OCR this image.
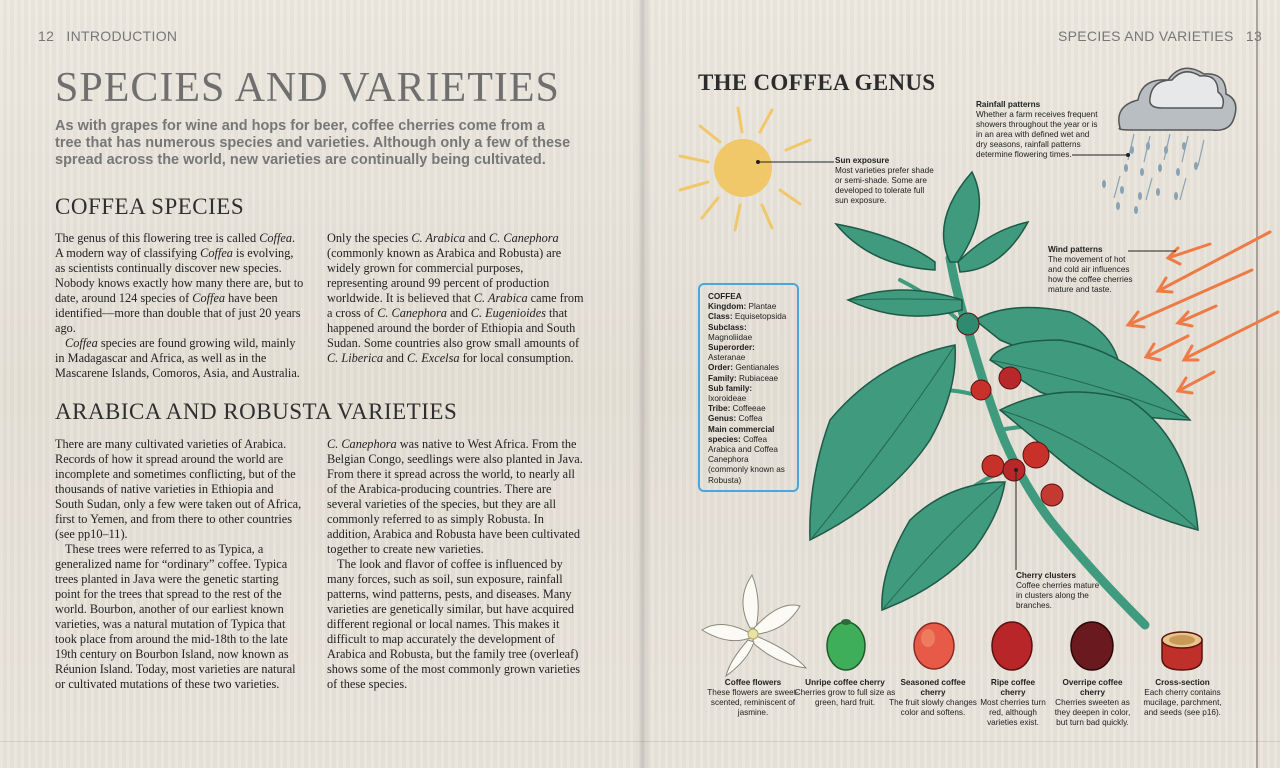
12 INTRODUCTION
SPECIES AND VARIETIES
As with grapes for wine and hops for beer, coffee cherries come from a tree that has numerous species and varieties. Although only a few of these spread across the world, new varieties are continually being cultivated.
COFFEA SPECIES

The genus of this flowering tree is called Coffea. A modern way of classifying Coffea is evolving, as scientists continually discover new species. Nobody knows exactly how many there are, but to date, around 124 species of Coffea have been identified—more than double that of just 20 years ago.

Coffea species are found growing wild, mainly in Madagascar and Africa, as well as in the Mascarene Islands, Comoros, Asia, and Australia.

Only the species C. Arabica and C. Canephora (commonly known as Arabica and Robusta) are widely grown for commercial purposes, representing around 99 percent of production worldwide. It is believed that C. Arabica came from a cross of C. Canephora and C. Eugenioides that happened around the border of Ethiopia and South Sudan. Some countries also grow small amounts of C. Liberica and C. Excelsa for local consumption.

ARABICA AND ROBUSTA VARIETIES

There are many cultivated varieties of Arabica. Records of how it spread around the world are incomplete and sometimes conflicting, but of the thousands of native varieties in Ethiopia and South Sudan, only a few were taken out of Africa, first to Yemen, and from there to other countries (see pp10–11).

These trees were referred to as Typica, a generalized name for “ordinary” coffee. Typica trees planted in Java were the genetic starting point for the trees that spread to the rest of the world. Bourbon, another of our earliest known varieties, was a natural mutation of Typica that took place from around the mid-18th to the late 19th century on Bourbon Island, now known as Réunion Island. Today, most varieties are natural or cultivated mutations of these two varieties.

C. Canephora was native to West Africa. From the Belgian Congo, seedlings were also planted in Java. From there it spread across the world, to nearly all of the Arabica-producing countries. There are several varieties of the species, but they are all commonly referred to as simply Robusta. In addition, Arabica and Robusta have been cultivated together to create new varieties.

The look and flavor of coffee is influenced by many forces, such as soil, sun exposure, rainfall patterns, wind patterns, pests, and diseases. Many varieties are genetically similar, but have acquired different regional or local names. This makes it difficult to map accurately the development of Arabica and Robusta, but the family tree (overleaf) shows some of the most commonly grown varieties of these species.

SPECIES AND VARIETIES 13
THE COFFEA GENUS
Rainfall patterns
Whether a farm receives frequent showers throughout the year or is in an area with defined wet and dry seasons, rainfall patterns determine flowering times.
Sun exposure
Most varieties prefer shade or semi-shade. Some are developed to tolerate full sun exposure.
Wind patterns
The movement of hot and cold air influences how the coffee cherries mature and taste.
Cherry clusters
Coffee cherries mature in clusters along the branches.
COFFEA
Kingdom: Plantae
Class: Equisetopsida
Subclass: Magnoliidae
Superorder: Asteranae
Order: Gentianales
Family: Rubiaceae
Sub family: Ixoroideae
Tribe: Coffeeae
Genus: Coffea
Main commercial species: Coffea Arabica and Coffea Canephora (commonly known as Robusta)
Coffee flowers
These flowers are sweet-scented, reminiscent of jasmine.
Unripe coffee cherry
Cherries grow to full size as green, hard fruit.
Seasoned coffee cherry
The fruit slowly changes color and softens.
Ripe coffee cherry
Most cherries turn red, although varieties exist.
Overripe coffee cherry
Cherries sweeten as they deepen in color, but turn bad quickly.
Cross-section
Each cherry contains mucilage, parchment, and seeds (see p16).
